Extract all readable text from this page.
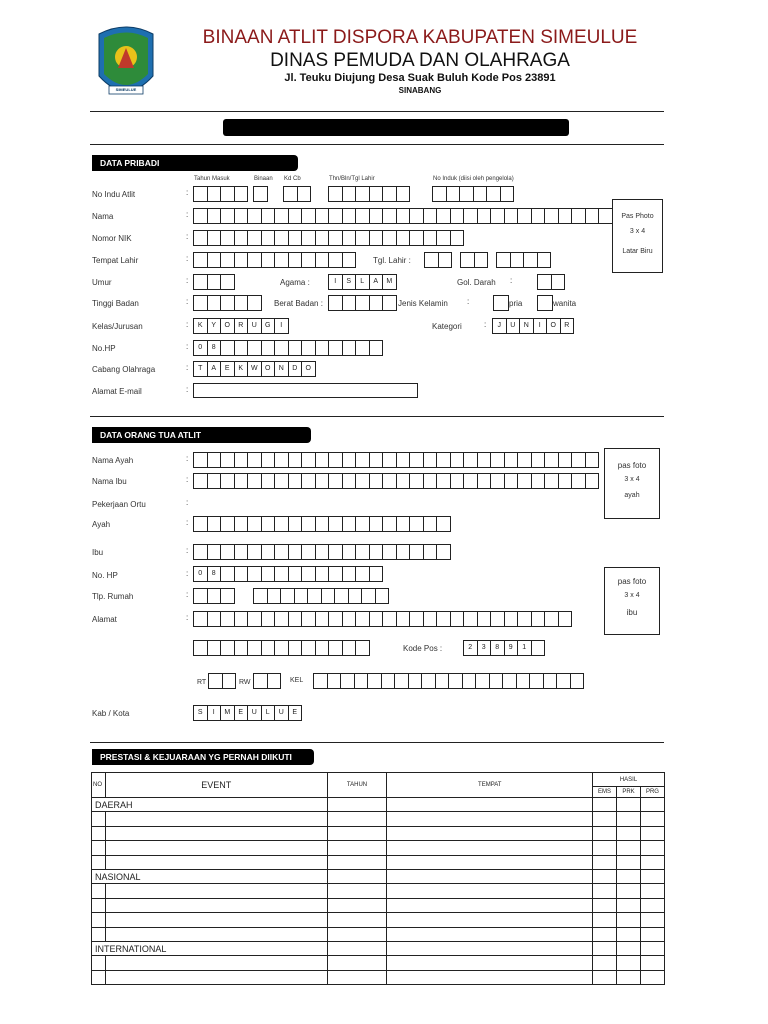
SIMEULUE
BINAAN ATLIT DISPORA KABUPATEN SIMEULUE
DINAS PEMUDA DAN OLAHRAGA
Jl. Teuku Diujung Desa Suak Buluh Kode Pos 23891
SINABANG
DATA PRIBADI
Tahun Masuk	Binaan Kd Cb	Thn/Bln/Tgl Lahir	No Induk (diisi oleh pengelola)
No Indu Atlit	:
Nama	:
Nomor NIK	:
Tempat Lahir	:	Tgl. Lahir :
Umur	:	Agama :	I	S	L	A	M	Gol. Darah :
Tinggi Badan	:	Berat Badan :	Jenis Kelamin :	pria	wanita
Kelas/Jurusan	:	K	Y	O	R	U	G	I	Kategori	:	J	U	N	I	O	R
No.HP	:	0	8
Cabang Olahraga	:	T	A	E	K	W	O	N	D	O
Alamat E-mail	:
Pas Photo
3 x 4
Latar Biru
DATA ORANG TUA ATLIT
Nama Ayah	:
Nama Ibu	:
Pekerjaan Ortu	:
Ayah	:
Ibu	:
No. HP	:	0	8
Tlp. Rumah	:
Alamat	:
Kode Pos :	2	3	8	9	1
RT	RW	KEL
Kab / Kota	S	I	M	E	U	L	U	E
pas foto
3 x 4
ayah
pas foto
3 x 4
ibu
PRESTASI & KEJUARAAN YG PERNAH DIIKUTI
NO	EVENT	TAHUN	TEMPAT	HASIL		
				EMS	PRK	PRG
DAERAH						

NASIONAL						

INTERNATIONAL						
